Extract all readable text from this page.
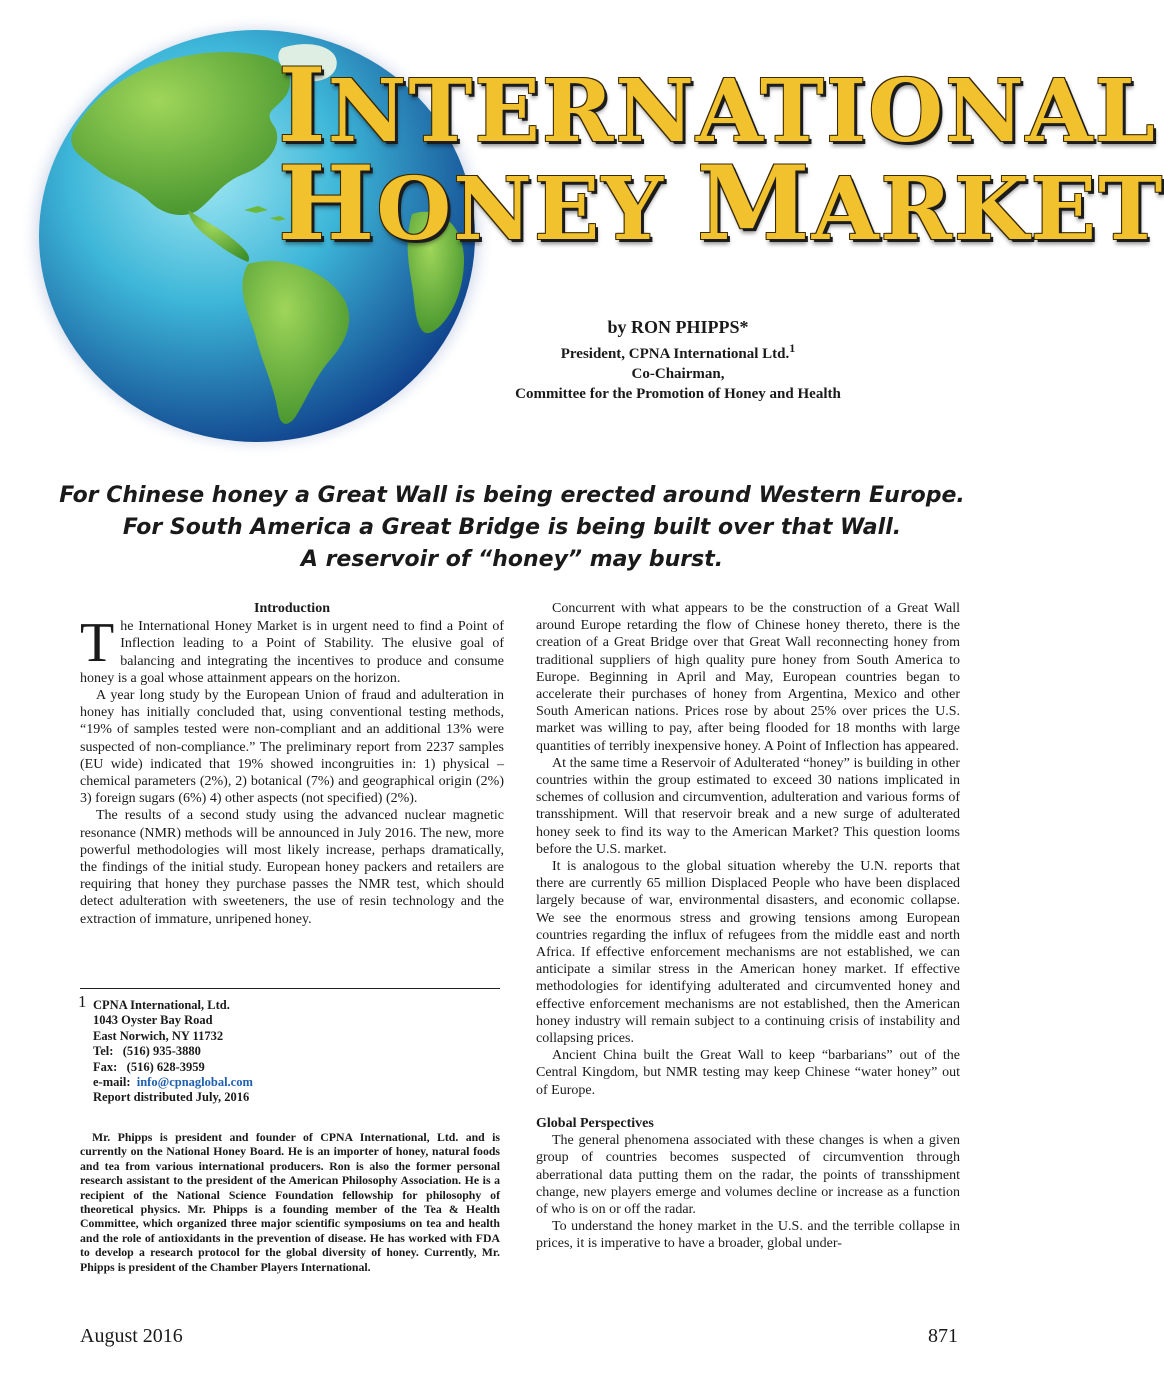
INTERNATIONAL
HONEY MARKET
by RON PHIPPS*
President, CPNA International Ltd.$^1$
Co-Chairman,
Committee for the Promotion of Honey and Health
For Chinese honey a Great Wall is being erected around Western Europe.
For South America a Great Bridge is being built over that Wall.
A reservoir of “honey” may burst.
Introduction

The International Honey Market is in urgent need to find a Point of Inflection leading to a Point of Stability. The elusive goal of balancing and integrating the incentives to produce and consume honey is a goal whose attainment appears on the horizon.

A year long study by the European Union of fraud and adulteration in honey has initially concluded that, using conventional testing methods, “19% of samples tested were non-compliant and an additional 13% were suspected of non-compliance.” The preliminary report from 2237 samples (EU wide) indicated that 19% showed incongruities in: 1) physical – chemical parameters (2%), 2) botanical (7%) and geographical origin (2%) 3) foreign sugars (6%) 4) other aspects (not specified) (2%).

The results of a second study using the advanced nuclear magnetic resonance (NMR) methods will be announced in July 2016. The new, more powerful methodologies will most likely increase, perhaps dramatically, the findings of the initial study. European honey packers and retailers are requiring that honey they purchase passes the NMR test, which should detect adulteration with sweeteners, the use of resin technology and the extraction of immature, unripened honey.

1 CPNA International, Ltd.
1043 Oyster Bay Road
East Norwich, NY 11732
Tel:   (516) 935-3880
Fax:   (516) 628-3959
e-mail: info@cpnaglobal.com
Report distributed July, 2016

Mr. Phipps is president and founder of CPNA International, Ltd. and is currently on the National Honey Board. He is an importer of honey, natural foods and tea from various international producers. Ron is also the former personal research assistant to the president of the American Philosophy Association. He is a recipient of the National Science Foundation fellowship for philosophy of theoretical physics. Mr. Phipps is a founding member of the Tea & Health Committee, which organized three major scientific symposiums on tea and health and the role of antioxidants in the prevention of disease. He has worked with FDA to develop a research protocol for the global diversity of honey. Currently, Mr. Phipps is president of the Chamber Players International.

Concurrent with what appears to be the construction of a Great Wall around Europe retarding the flow of Chinese honey thereto, there is the creation of a Great Bridge over that Great Wall reconnecting honey from traditional suppliers of high quality pure honey from South America to Europe. Beginning in April and May, European countries began to accelerate their purchases of honey from Argentina, Mexico and other South American nations. Prices rose by about 25% over prices the U.S. market was willing to pay, after being flooded for 18 months with large quantities of terribly inexpensive honey. A Point of Inflection has appeared.

At the same time a Reservoir of Adulterated “honey” is building in other countries within the group estimated to exceed 30 nations implicated in schemes of collusion and circumvention, adulteration and various forms of transshipment. Will that reservoir break and a new surge of adulterated honey seek to find its way to the American Market? This question looms before the U.S. market.

It is analogous to the global situation whereby the U.N. reports that there are currently 65 million Displaced People who have been displaced largely because of war, environmental disasters, and economic collapse. We see the enormous stress and growing tensions among European countries regarding the influx of refugees from the middle east and north Africa. If effective enforcement mechanisms are not established, we can anticipate a similar stress in the American honey market. If effective methodologies for identifying adulterated and circumvented honey and effective enforcement mechanisms are not established, then the American honey industry will remain subject to a continuing crisis of instability and collapsing prices.

Ancient China built the Great Wall to keep “barbarians” out of the Central Kingdom, but NMR testing may keep Chinese “water honey” out of Europe.

Global Perspectives

The general phenomena associated with these changes is when a given group of countries becomes suspected of circumvention through aberrational data putting them on the radar, the points of transshipment change, new players emerge and volumes decline or increase as a function of who is on or off the radar.

To understand the honey market in the U.S. and the terrible collapse in prices, it is imperative to have a broader, global under-

August 2016	871
